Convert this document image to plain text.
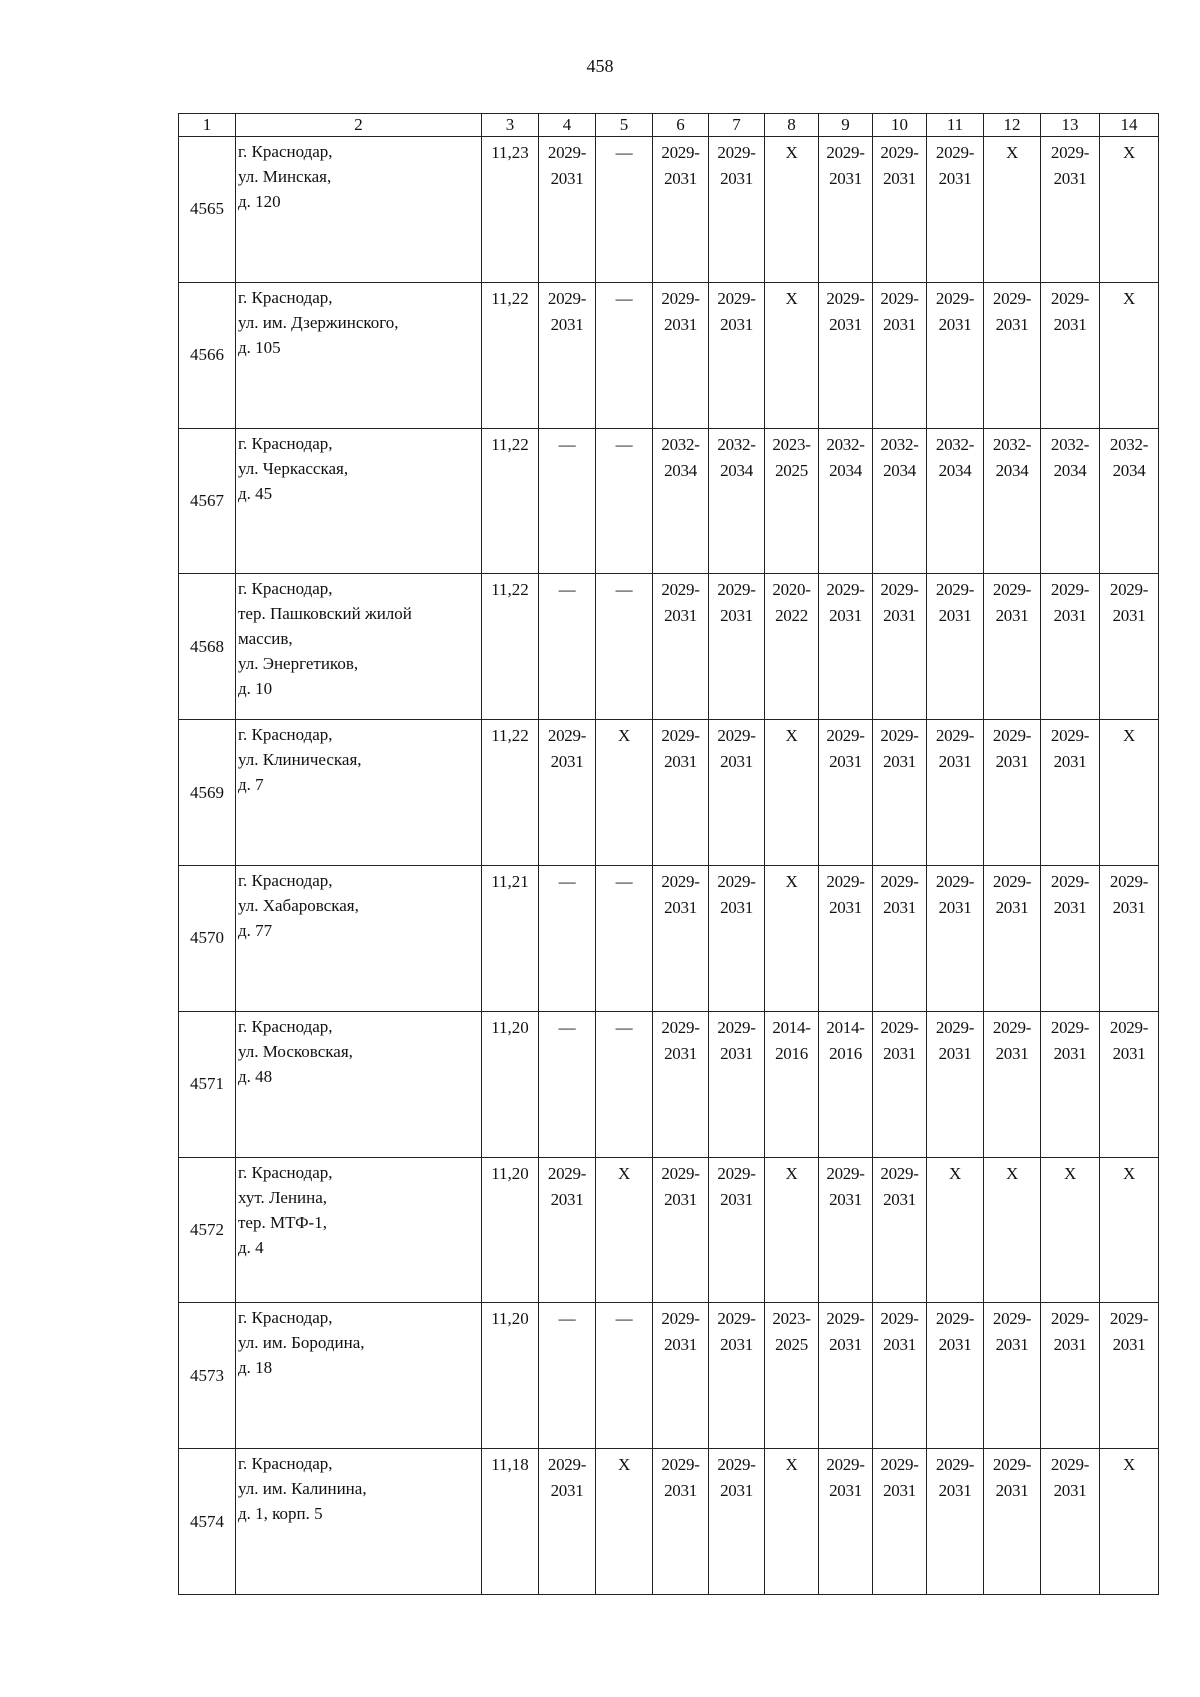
458
1	2	3	4	5	6	7	8	9	10	11	12	13	14
4565	г. Краснодар,
ул. Минская,
д. 120	11,23	2029-
2031	—	2029-
2031	2029-
2031	X	2029-
2031	2029-
2031	2029-
2031	X	2029-
2031	X
4566	г. Краснодар,
ул. им. Дзержинского,
д. 105	11,22	2029-
2031	—	2029-
2031	2029-
2031	X	2029-
2031	2029-
2031	2029-
2031	2029-
2031	2029-
2031	X
4567	г. Краснодар,
ул. Черкасская,
д. 45	11,22	—	—	2032-
2034	2032-
2034	2023-
2025	2032-
2034	2032-
2034	2032-
2034	2032-
2034	2032-
2034	2032-
2034
4568	г. Краснодар,
тер. Пашковский жилой
массив,
ул. Энергетиков,
д. 10	11,22	—	—	2029-
2031	2029-
2031	2020-
2022	2029-
2031	2029-
2031	2029-
2031	2029-
2031	2029-
2031	2029-
2031
4569	г. Краснодар,
ул. Клиническая,
д. 7	11,22	2029-
2031	X	2029-
2031	2029-
2031	X	2029-
2031	2029-
2031	2029-
2031	2029-
2031	2029-
2031	X
4570	г. Краснодар,
ул. Хабаровская,
д. 77	11,21	—	—	2029-
2031	2029-
2031	X	2029-
2031	2029-
2031	2029-
2031	2029-
2031	2029-
2031	2029-
2031
4571	г. Краснодар,
ул. Московская,
д. 48	11,20	—	—	2029-
2031	2029-
2031	2014-
2016	2014-
2016	2029-
2031	2029-
2031	2029-
2031	2029-
2031	2029-
2031
4572	г. Краснодар,
хут. Ленина,
тер. МТФ-1,
д. 4	11,20	2029-
2031	X	2029-
2031	2029-
2031	X	2029-
2031	2029-
2031	X	X	X	X
4573	г. Краснодар,
ул. им. Бородина,
д. 18	11,20	—	—	2029-
2031	2029-
2031	2023-
2025	2029-
2031	2029-
2031	2029-
2031	2029-
2031	2029-
2031	2029-
2031
4574	г. Краснодар,
ул. им. Калинина,
д. 1, корп. 5	11,18	2029-
2031	X	2029-
2031	2029-
2031	X	2029-
2031	2029-
2031	2029-
2031	2029-
2031	2029-
2031	X
